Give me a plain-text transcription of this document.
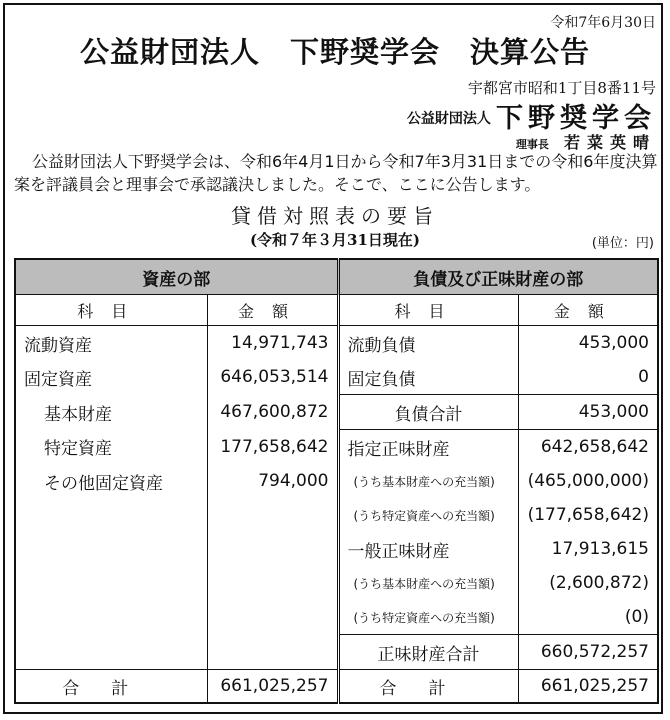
令和7年6月30日
公益財団法人　下野奨学会　決算公告
宇都宮市昭和1丁目8番11号
公益財団法人 下野奨学会
理事長 若菜英晴
公益財団法人下野奨学会は、令和6年4月1日から令和7年3月31日までの令和6年度決算案を評議員会と理事会で承認議決しました。そこで、ここに公告します。
貸借対照表の要旨
(令和７年３月31日現在)	(単位：円)
資産の部		負債及び正味財産の部	
科目	金額	科目	金額
流動資産	14,971,743	流動負債	453,000
固定資産	646,053,514	固定負債	0
基本財産	467,600,872	負債合計	453,000
特定資産	177,658,642	指定正味財産	642,658,642
その他固定資産	794,000	(うち基本財産への充当額)	(465,000,000)
		(うち特定資産への充当額)	(177,658,642)
		一般正味財産	17,913,615
		(うち基本財産への充当額)	(2,600,872)
		(うち特定資産への充当額)	(0)
		正味財産合計	660,572,257
合計	661,025,257	合計	661,025,257
